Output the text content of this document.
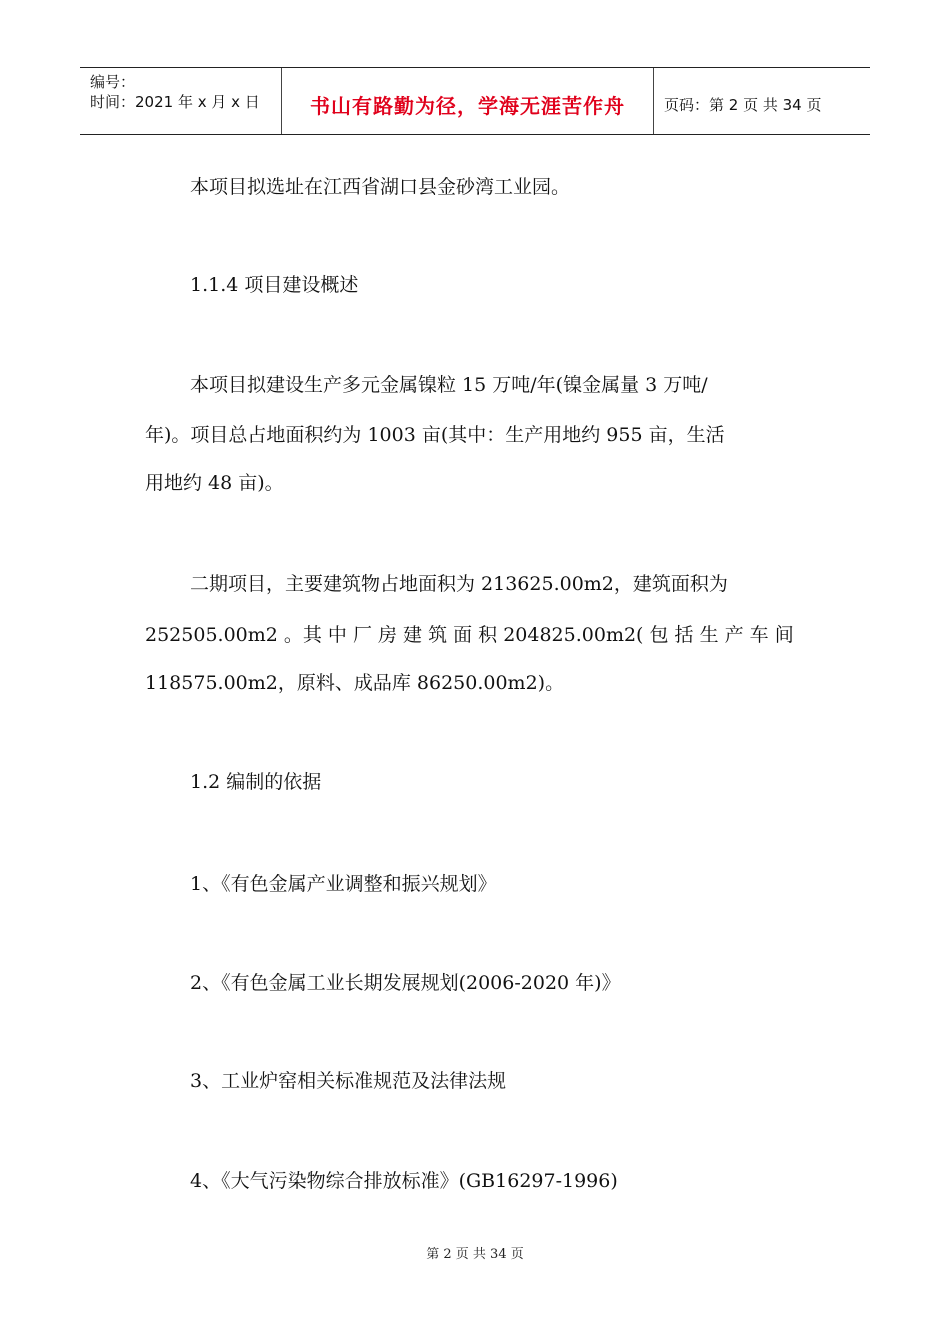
编号：
时间：2021 年 x 月 x 日	书山有路勤为径，学海无涯苦作舟	页码：第 2 页 共 34 页
本项目拟选址在江西省湖口县金砂湾工业园。
1.1.4 项目建设概述
本项目拟建设生产多元金属镍粒 15 万吨/年(镍金属量 3 万吨/
年)。项目总占地面积约为 1003 亩(其中：生产用地约 955 亩，生活
用地约 48 亩)。
二期项目，主要建筑物占地面积为 213625.00m2，建筑面积为
252505.00m2 。其 中 厂 房 建 筑 面 积 204825.00m2( 包 括 生 产 车 间
118575.00m2，原料、成品库 86250.00m2)。
1.2 编制的依据
1、《有色金属产业调整和振兴规划》
2、《有色金属工业长期发展规划(2006-2020 年)》
3、工业炉窑相关标准规范及法律法规
4、《大气污染物综合排放标准》(GB16297-1996)
第 2 页 共 34 页
